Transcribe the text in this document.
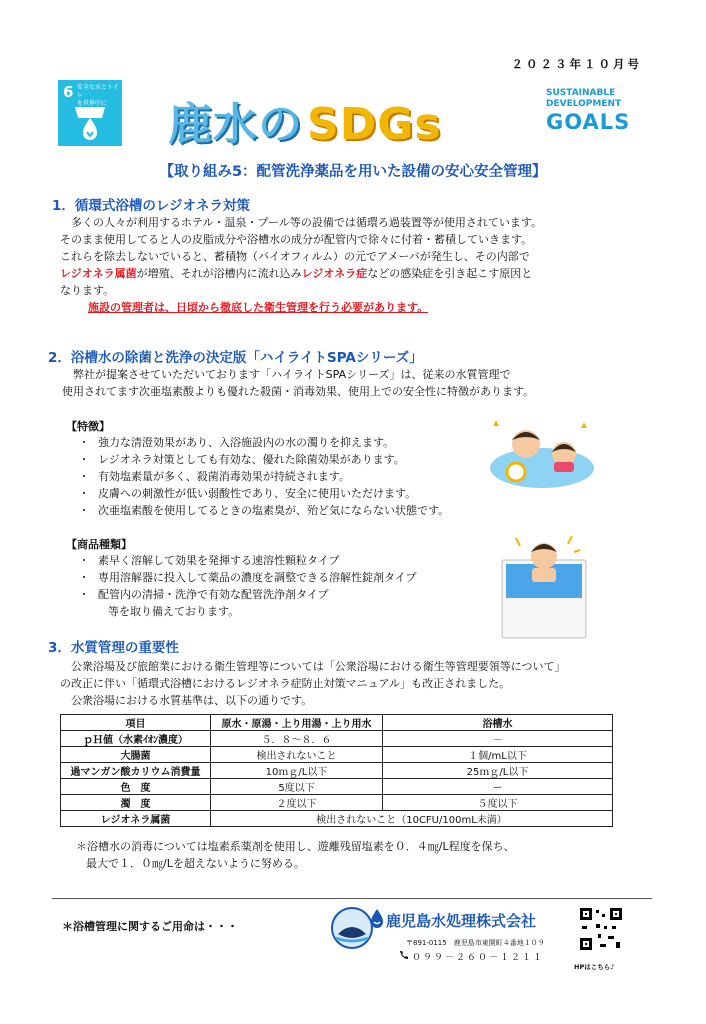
２０２３年１０月号
6 安全な水とトイレ
を世界中に	鹿水のSDGs
SUSTAINABLE
DEVELOPMENT
GOALS
【取り組み5：配管洗浄薬品を用いた設備の安心安全管理】
1．循環式浴槽のレジオネラ対策
　多くの人々が利用するホテル・温泉・プール等の設備では循環ろ過装置等が使用されています。
そのまま使用してると人の皮脂成分や浴槽水の成分が配管内で徐々に付着・蓄積していきます。
これらを除去しないでいると、蓄積物（バイオフィルム）の元でアメーバが発生し、その内部で
レジオネラ属菌が増殖、それが浴槽内に流れ込みレジオネラ症などの感染症を引き起こす原因と
なります。
施設の管理者は、日頃から徹底した衛生管理を行う必要があります。
2．浴槽水の除菌と洗浄の決定版「ハイライトSPAシリーズ」
　弊社が提案させていただいております「ハイライトSPAシリーズ」は、従来の水質管理で
使用されてます次亜塩素酸よりも優れた殺菌・消毒効果、使用上での安全性に特徴があります。
【特徴】
・ 強力な清澄効果があり、入浴施設内の水の濁りを抑えます。
・ レジオネラ対策としても有効な、優れた除菌効果があります。
・ 有効塩素量が多く、殺菌消毒効果が持続されます。
・ 皮膚への刺激性が低い弱酸性であり、安全に使用いただけます。
・ 次亜塩素酸を使用してるときの塩素臭が、殆ど気にならない状態です。
【商品種類】
・ 素早く溶解して効果を発揮する速溶性顆粒タイプ
・ 専用溶解器に投入して薬品の濃度を調整できる溶解性錠剤タイプ
・ 配管内の清掃・洗浄で有効な配管洗浄剤タイプ
等を取り備えております。
3．水質管理の重要性
　公衆浴場及び旅館業における衛生管理等については「公衆浴場における衛生等管理要領等について」
の改正に伴い「循環式浴槽におけるレジオネラ症防止対策マニュアル」も改正されました。
　公衆浴場における水質基準は、以下の通りです。
項目	原水・原湯・上り用湯・上り用水	浴槽水
ｐＨ値（水素ｲｵﾝ濃度）	５．８～８．６	－
大腸菌	検出されないこと	１個/mL以下
過マンガン酸カリウム消費量	10ｍｇ/L以下	25ｍｇ/L以下
色　度	5度以下	ー
濁　度	２度以下	５度以下
レジオネラ属菌	検出されないこと（10CFU/100mL未満）	
＊浴槽水の消毒については塩素系薬剤を使用し、遊離残留塩素を０．４㎎/L程度を保ち、
最大で１．０㎎/Lを超えないように努める。
＊浴槽管理に関するご用命は・・・	鹿児島水処理株式会社
〒891-0115　鹿児島市東開町４番地１０９
０９９－２６０－１２１１
HPはこちら♪
